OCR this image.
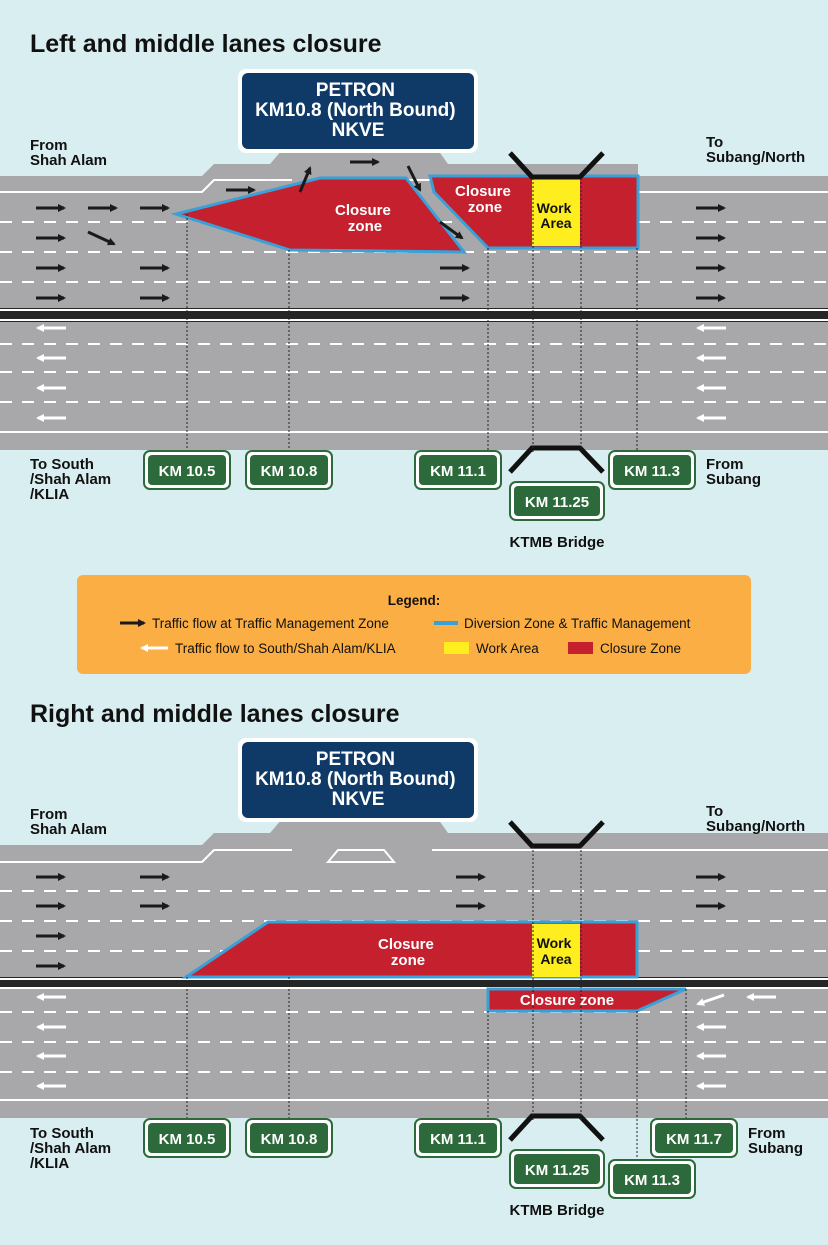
Left and middle lanes closure
Closure zone
Closure zone	Work Area
PETRON KM10.8 (North Bound) NKVE
From Shah Alam
To Subang/North
To South /Shah Alam /KLIA
From Subang
KM 10.5	KM 10.8	KM 11.1
KM 11.25
KM 11.3
KTMB Bridge
Legend:
Traffic flow at Traffic Management Zone	Diversion Zone & Traffic Management
Traffic flow to South/Shah Alam/KLIA	Work Area	Closure Zone
Right and middle lanes closure
Closure zone
Work Area
Closure zone
PETRON KM10.8 (North Bound) NKVE
From Shah Alam
To Subang/North
To South /Shah Alam /KLIA
From Subang
KM 10.5	KM 10.8	KM 11.1
KM 11.25
KM 11.3
KM 11.7
KTMB Bridge
